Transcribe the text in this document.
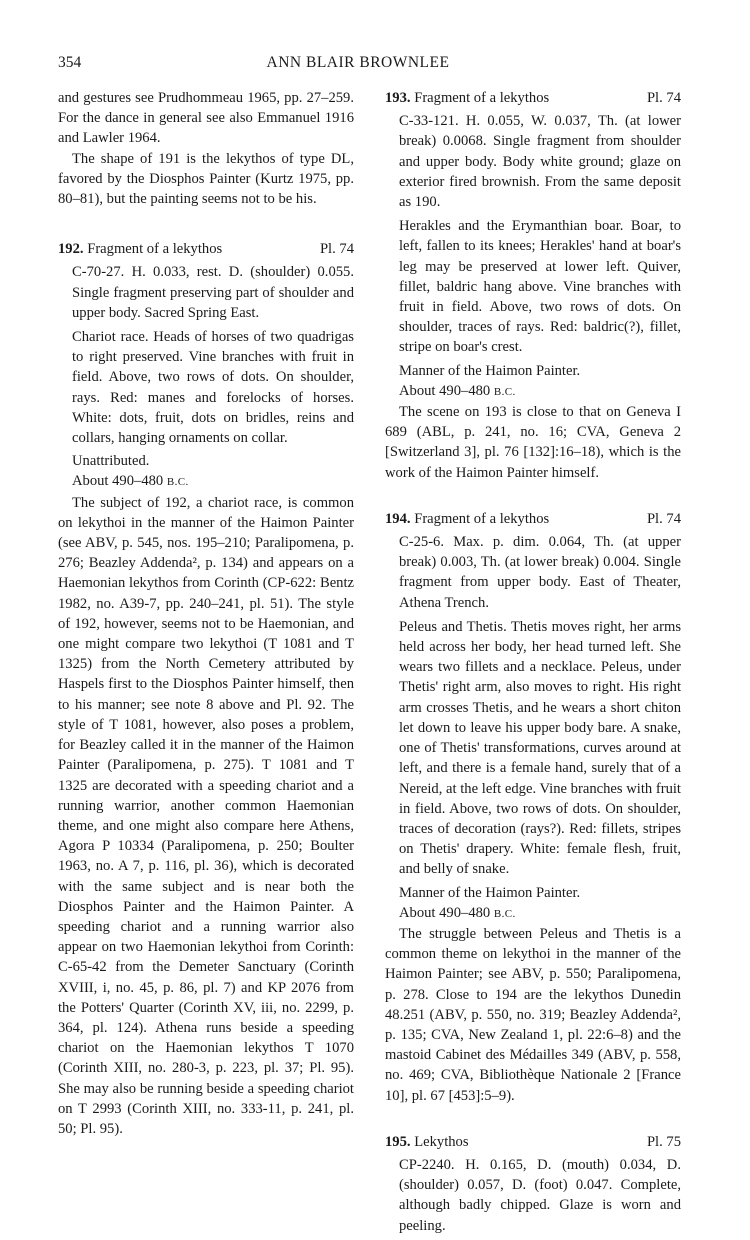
354	ANN BLAIR BROWNLEE

and gestures see Prudhommeau 1965, pp. 27–259. For the dance in general see also Emmanuel 1916 and Lawler 1964.

The shape of 191 is the lekythos of type DL, favored by the Diosphos Painter (Kurtz 1975, pp. 80–81), but the painting seems not to be his.

192. Fragment of a lekythos	Pl. 74

C-70-27. H. 0.033, rest. D. (shoulder) 0.055. Single fragment preserving part of shoulder and upper body. Sacred Spring East.

Chariot race. Heads of horses of two quadrigas to right preserved. Vine branches with fruit in field. Above, two rows of dots. On shoulder, rays. Red: manes and forelocks of horses. White: dots, fruit, dots on bridles, reins and collars, hanging ornaments on collar.

Unattributed.

About 490–480 B.C.

The subject of 192, a chariot race, is common on lekythoi in the manner of the Haimon Painter (see ABV, p. 545, nos. 195–210; Paralipomena, p. 276; Beazley Addenda², p. 134) and appears on a Haemonian lekythos from Corinth (CP-622: Bentz 1982, no. A39-7, pp. 240–241, pl. 51). The style of 192, however, seems not to be Haemonian, and one might compare two lekythoi (T 1081 and T 1325) from the North Cemetery attributed by Haspels first to the Diosphos Painter himself, then to his manner; see note 8 above and Pl. 92. The style of T 1081, however, also poses a problem, for Beazley called it in the manner of the Haimon Painter (Paralipomena, p. 275). T 1081 and T 1325 are decorated with a speeding chariot and a running warrior, another common Haemonian theme, and one might also compare here Athens, Agora P 10334 (Paralipomena, p. 250; Boulter 1963, no. A 7, p. 116, pl. 36), which is decorated with the same subject and is near both the Diosphos Painter and the Haimon Painter. A speeding chariot and a running warrior also appear on two Haemonian lekythoi from Corinth: C-65-42 from the Demeter Sanctuary (Corinth XVIII, i, no. 45, p. 86, pl. 7) and KP 2076 from the Potters' Quarter (Corinth XV, iii, no. 2299, p. 364, pl. 124). Athena runs beside a speeding chariot on the Haemonian lekythos T 1070 (Corinth XIII, no. 280-3, p. 223, pl. 37; Pl. 95). She may also be running beside a speeding chariot on T 2993 (Corinth XIII, no. 333-11, p. 241, pl. 50; Pl. 95).

193. Fragment of a lekythos	Pl. 74

C-33-121. H. 0.055, W. 0.037, Th. (at lower break) 0.0068. Single fragment from shoulder and upper body. Body white ground; glaze on exterior fired brownish. From the same deposit as 190.

Herakles and the Erymanthian boar. Boar, to left, fallen to its knees; Herakles' hand at boar's leg may be preserved at lower left. Quiver, fillet, baldric hang above. Vine branches with fruit in field. Above, two rows of dots. On shoulder, traces of rays. Red: baldric(?), fillet, stripe on boar's crest.

Manner of the Haimon Painter.

About 490–480 B.C.

The scene on 193 is close to that on Geneva I 689 (ABL, p. 241, no. 16; CVA, Geneva 2 [Switzerland 3], pl. 76 [132]:16–18), which is the work of the Haimon Painter himself.

194. Fragment of a lekythos	Pl. 74

C-25-6. Max. p. dim. 0.064, Th. (at upper break) 0.003, Th. (at lower break) 0.004. Single fragment from upper body. East of Theater, Athena Trench.

Peleus and Thetis. Thetis moves right, her arms held across her body, her head turned left. She wears two fillets and a necklace. Peleus, under Thetis' right arm, also moves to right. His right arm crosses Thetis, and he wears a short chiton let down to leave his upper body bare. A snake, one of Thetis' transformations, curves around at left, and there is a female hand, surely that of a Nereid, at the left edge. Vine branches with fruit in field. Above, two rows of dots. On shoulder, traces of decoration (rays?). Red: fillets, stripes on Thetis' drapery. White: female flesh, fruit, and belly of snake.

Manner of the Haimon Painter.

About 490–480 B.C.

The struggle between Peleus and Thetis is a common theme on lekythoi in the manner of the Haimon Painter; see ABV, p. 550; Paralipomena, p. 278. Close to 194 are the lekythos Dunedin 48.251 (ABV, p. 550, no. 319; Beazley Addenda², p. 135; CVA, New Zealand 1, pl. 22:6–8) and the mastoid Cabinet des Médailles 349 (ABV, p. 558, no. 469; CVA, Bibliothèque Nationale 2 [France 10], pl. 67 [453]:5–9).

195. Lekythos	Pl. 75

CP-2240. H. 0.165, D. (mouth) 0.034, D. (shoulder) 0.057, D. (foot) 0.047. Complete, although badly chipped. Glaze is worn and peeling.
